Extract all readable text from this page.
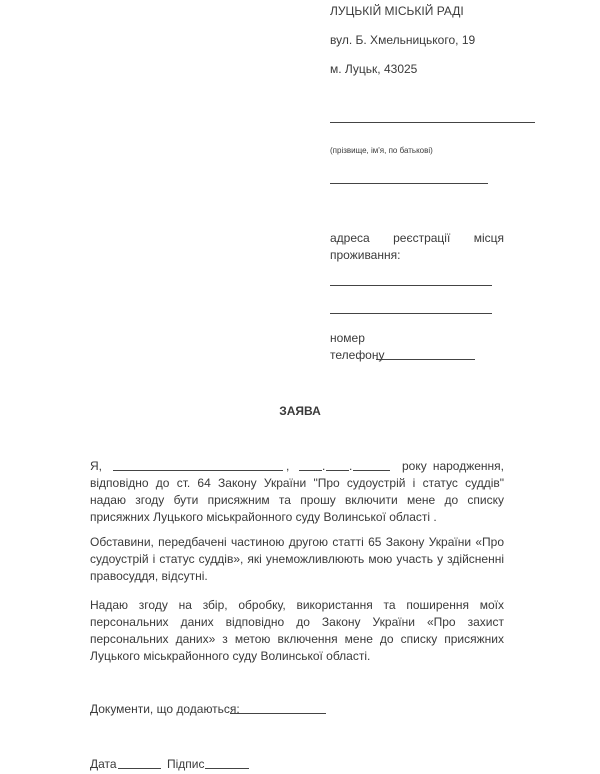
ЛУЦЬКІЙ МІСЬКІЙ РАДІ
вул. Б. Хмельницького, 19
м. Луцьк, 43025
(прізвище, ім'я, по батькові)
адреса реєстрації місця проживання:
номер
телефону
ЗАЯВА
Я,	,	. .	року народження,

відповідно до ст. 64 Закону України "Про судоустрій і статус суддів" надаю згоду бути присяжним та прошу включити мене до списку присяжних Луцького міськрайонного суду Волинської області .

Обставини, передбачені частиною другою статті 65 Закону України «Про судоустрій і статус суддів», які унеможливлюють мою участь у здійсненні правосуддя, відсутні.

Надаю згоду на збір, обробку, використання та поширення моїх персональних даних відповідно до Закону України «Про захист персональних даних» з метою включення мене до списку присяжних Луцького міськрайонного суду Волинської області.

Документи, що додаються:
Дата	Підпис
